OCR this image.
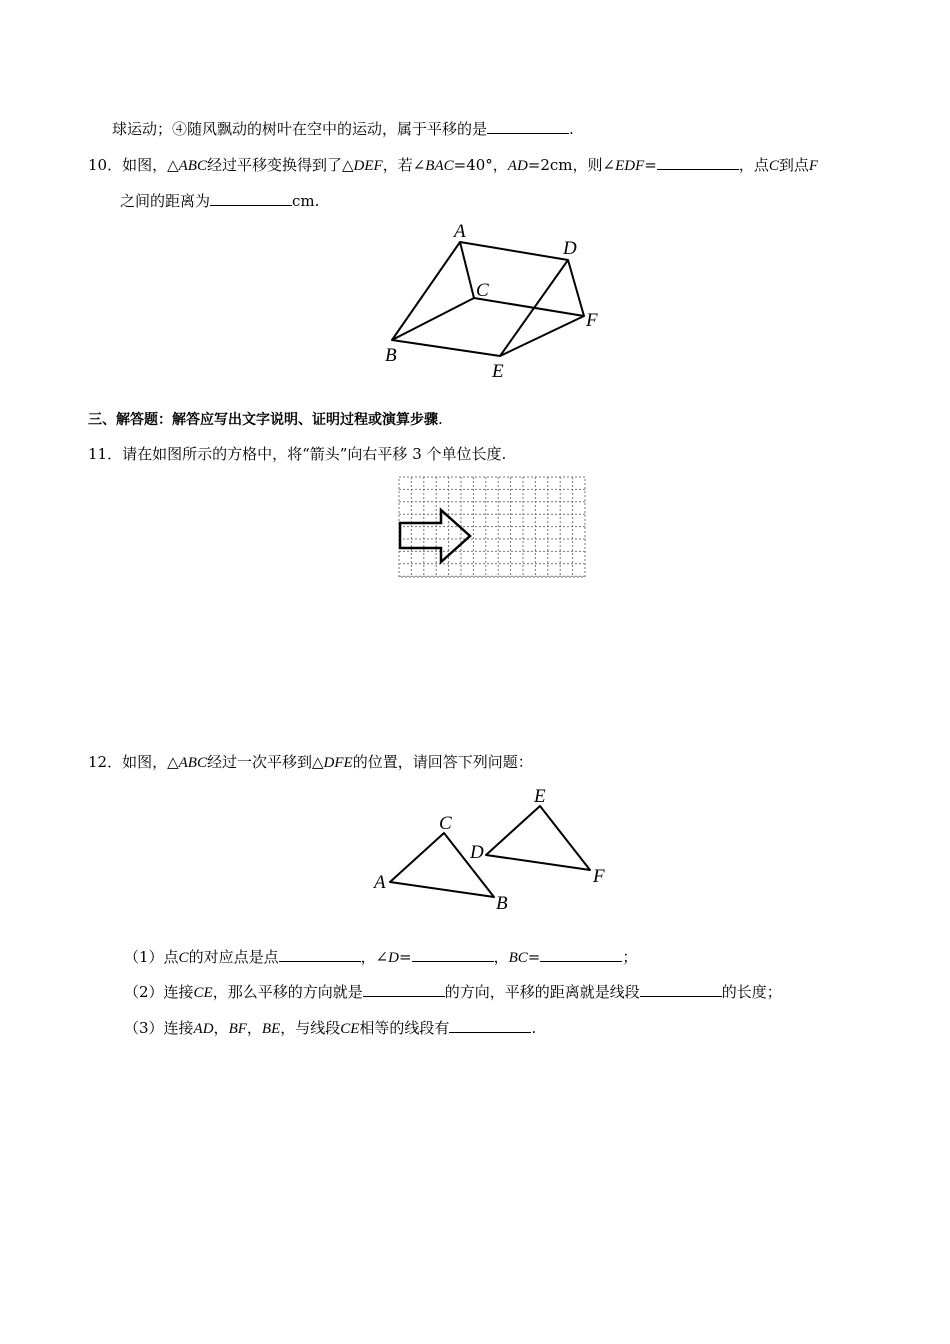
球运动；④随风飘动的树叶在空中的运动，属于平移的是	.
10．如图，△ABC经过平移变换得到了△DEF，若∠BAC=40°，AD=2cm，则∠EDF=	，点C到点F
之间的距离为	cm.
A
B
C
D
E
F
三、解答题：解答应写出文字说明、证明过程或演算步骤.
11．请在如图所示的方格中，将“箭头”向右平移 3 个单位长度.
12．如图，△ABC经过一次平移到△DFE的位置，请回答下列问题：
C
A
B
E
D
F
（1）点C的对应点是点	，∠D=	，BC=	；
（2）连接CE，那么平移的方向就是	的方向，平移的距离就是线段	的长度；
（3）连接AD，BF，BE，与线段CE相等的线段有	.
